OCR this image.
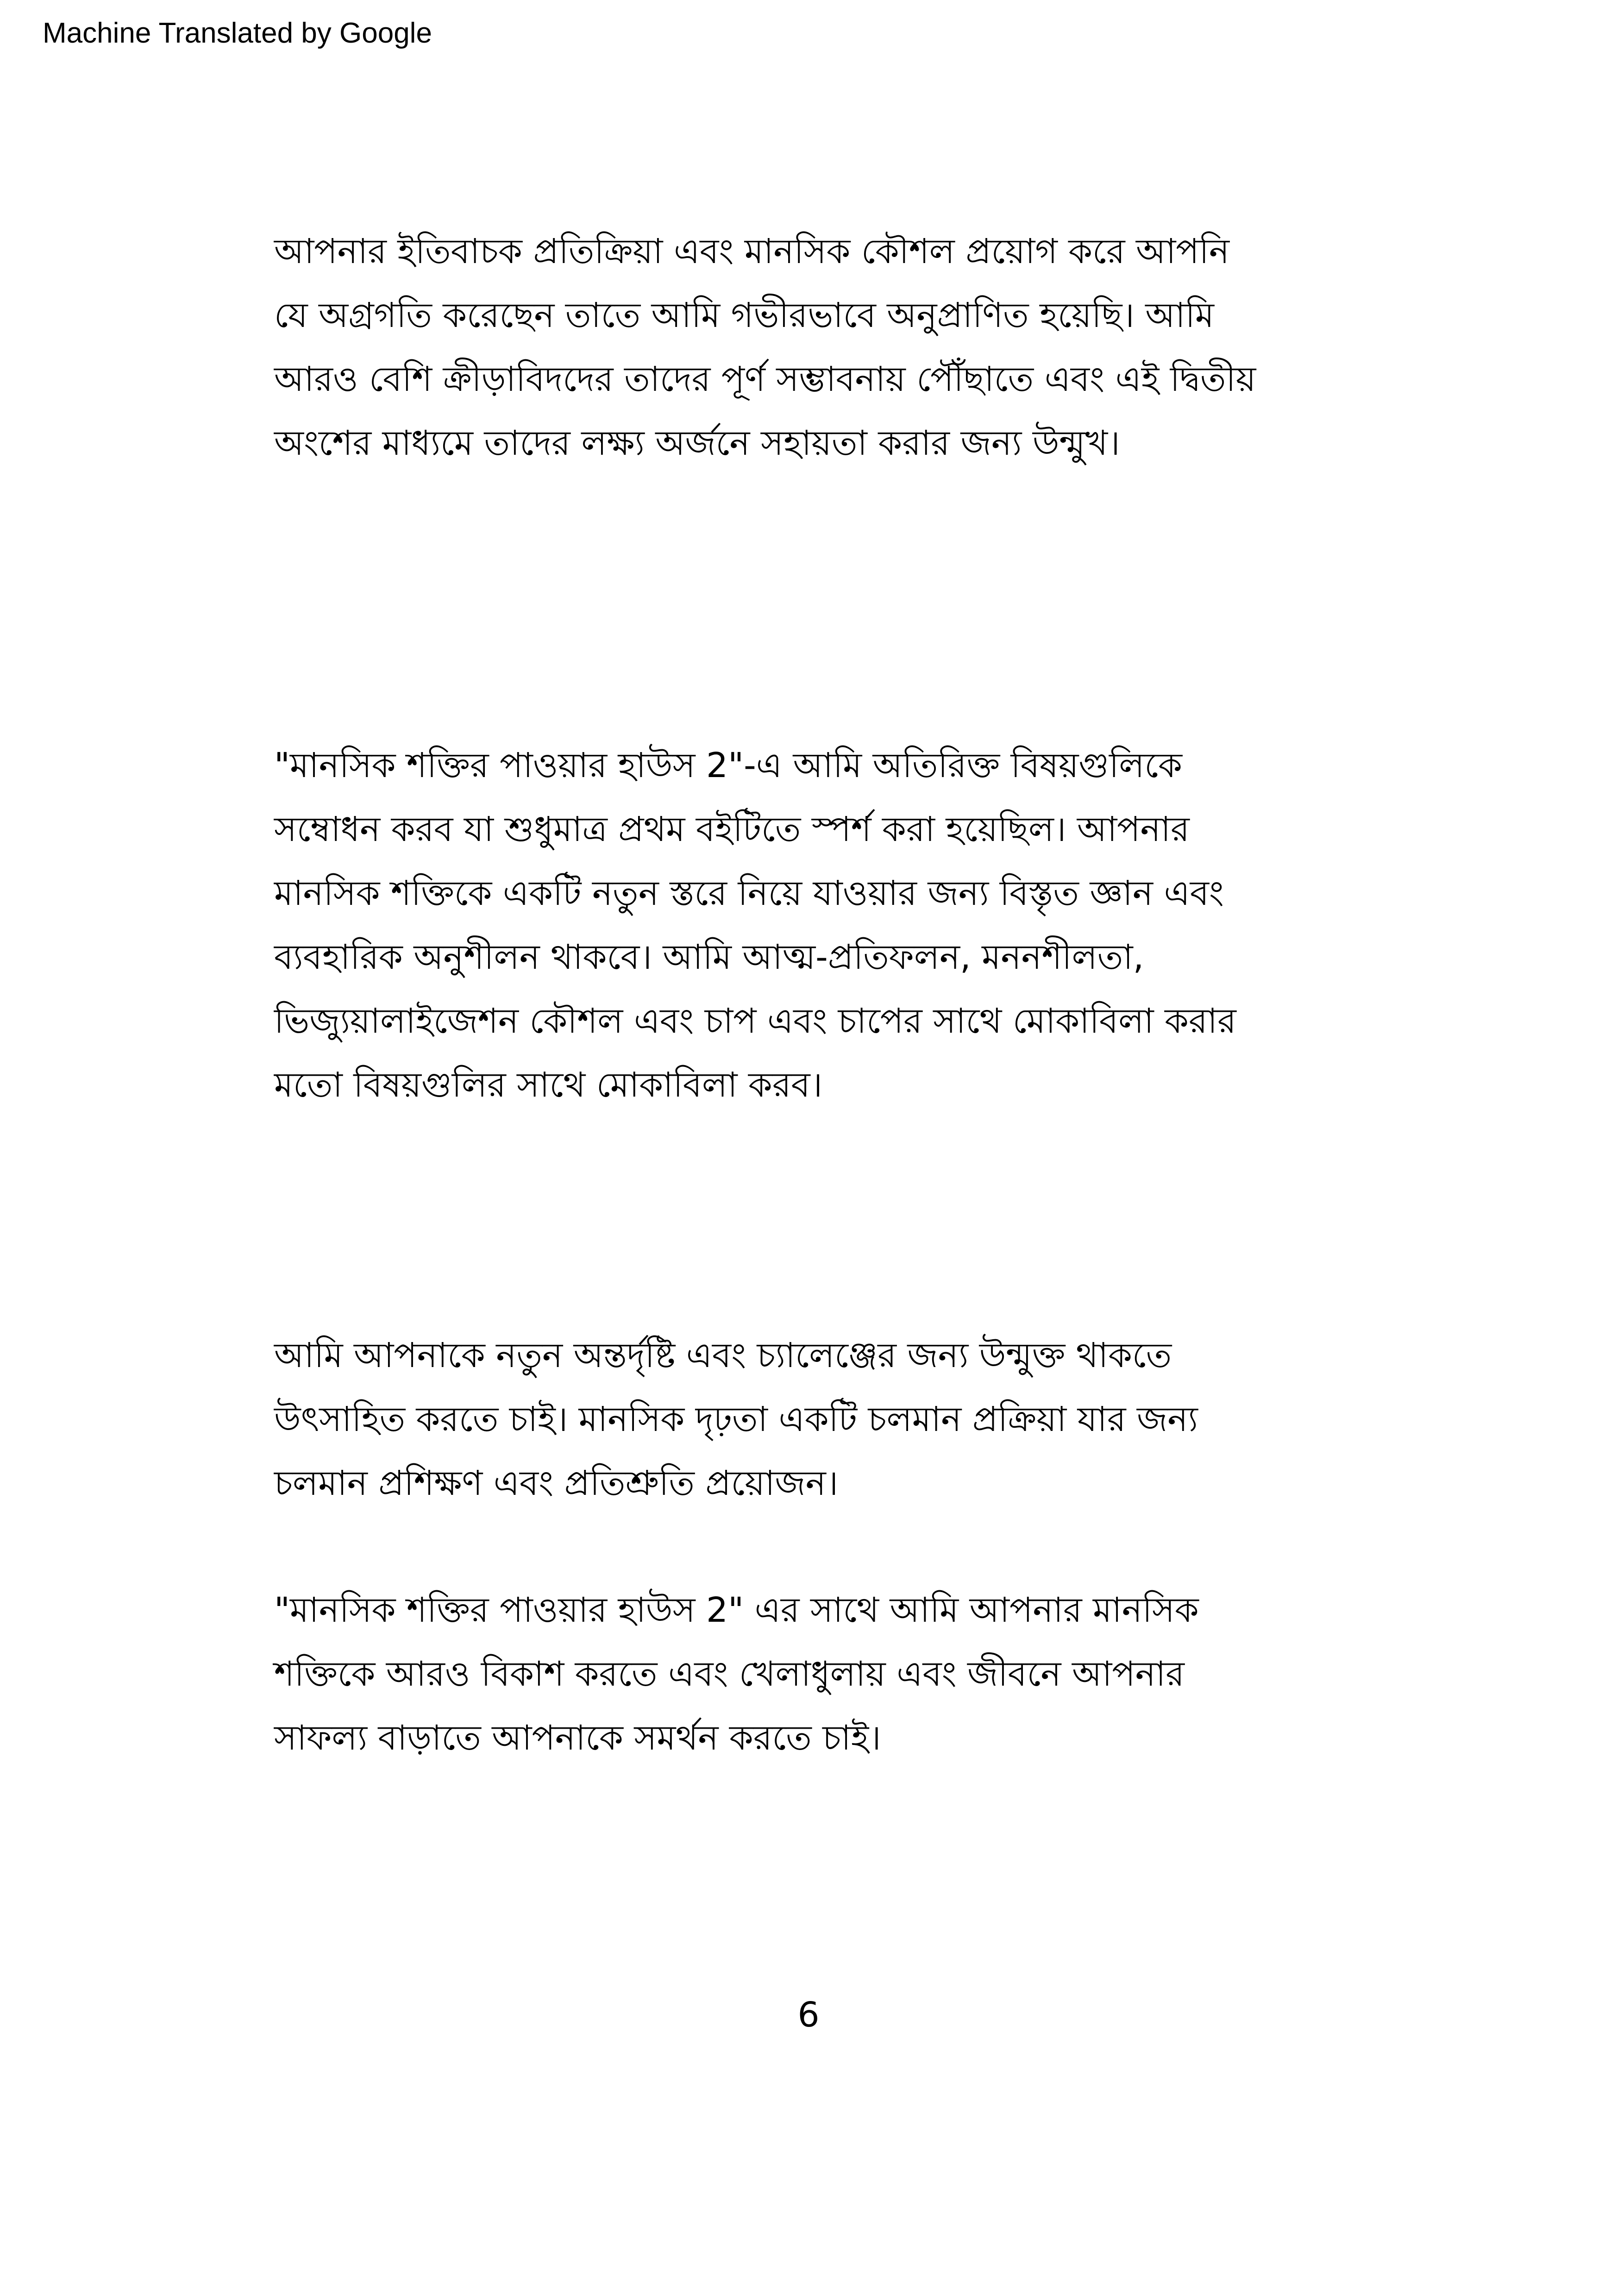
Machine Translated by Google

আপনার ইতিবাচক প্রতিক্রিয়া এবং মানসিক কৌশল প্রয়োগ করে আপনি
যে অগ্রগতি করেছেন তাতে আমি গভীরভাবে অনুপ্রাণিত হয়েছি। আমি
আরও বেশি ক্রীড়াবিদদের তাদের পূর্ণ সম্ভাবনায় পৌঁছাতে এবং এই দ্বিতীয়
অংশের মাধ্যমে তাদের লক্ষ্য অর্জনে সহায়তা করার জন্য উন্মুখ।

"মানসিক শক্তির পাওয়ার হাউস 2"-এ আমি অতিরিক্ত বিষয়গুলিকে
সম্বোধন করব যা শুধুমাত্র প্রথম বইটিতে স্পর্শ করা হয়েছিল। আপনার
মানসিক শক্তিকে একটি নতুন স্তরে নিয়ে যাওয়ার জন্য বিস্তৃত জ্ঞান এবং
ব্যবহারিক অনুশীলন থাকবে। আমি আত্ম-প্রতিফলন, মননশীলতা,
ভিজ্যুয়ালাইজেশন কৌশল এবং চাপ এবং চাপের সাথে মোকাবিলা করার
মতো বিষয়গুলির সাথে মোকাবিলা করব।

আমি আপনাকে নতুন অন্তর্দৃষ্টি এবং চ্যালেঞ্জের জন্য উন্মুক্ত থাকতে
উৎসাহিত করতে চাই। মানসিক দৃঢ়তা একটি চলমান প্রক্রিয়া যার জন্য
চলমান প্রশিক্ষণ এবং প্রতিশ্রুতি প্রয়োজন।

"মানসিক শক্তির পাওয়ার হাউস 2" এর সাথে আমি আপনার মানসিক
শক্তিকে আরও বিকাশ করতে এবং খেলাধুলায় এবং জীবনে আপনার
সাফল্য বাড়াতে আপনাকে সমর্থন করতে চাই।

6
